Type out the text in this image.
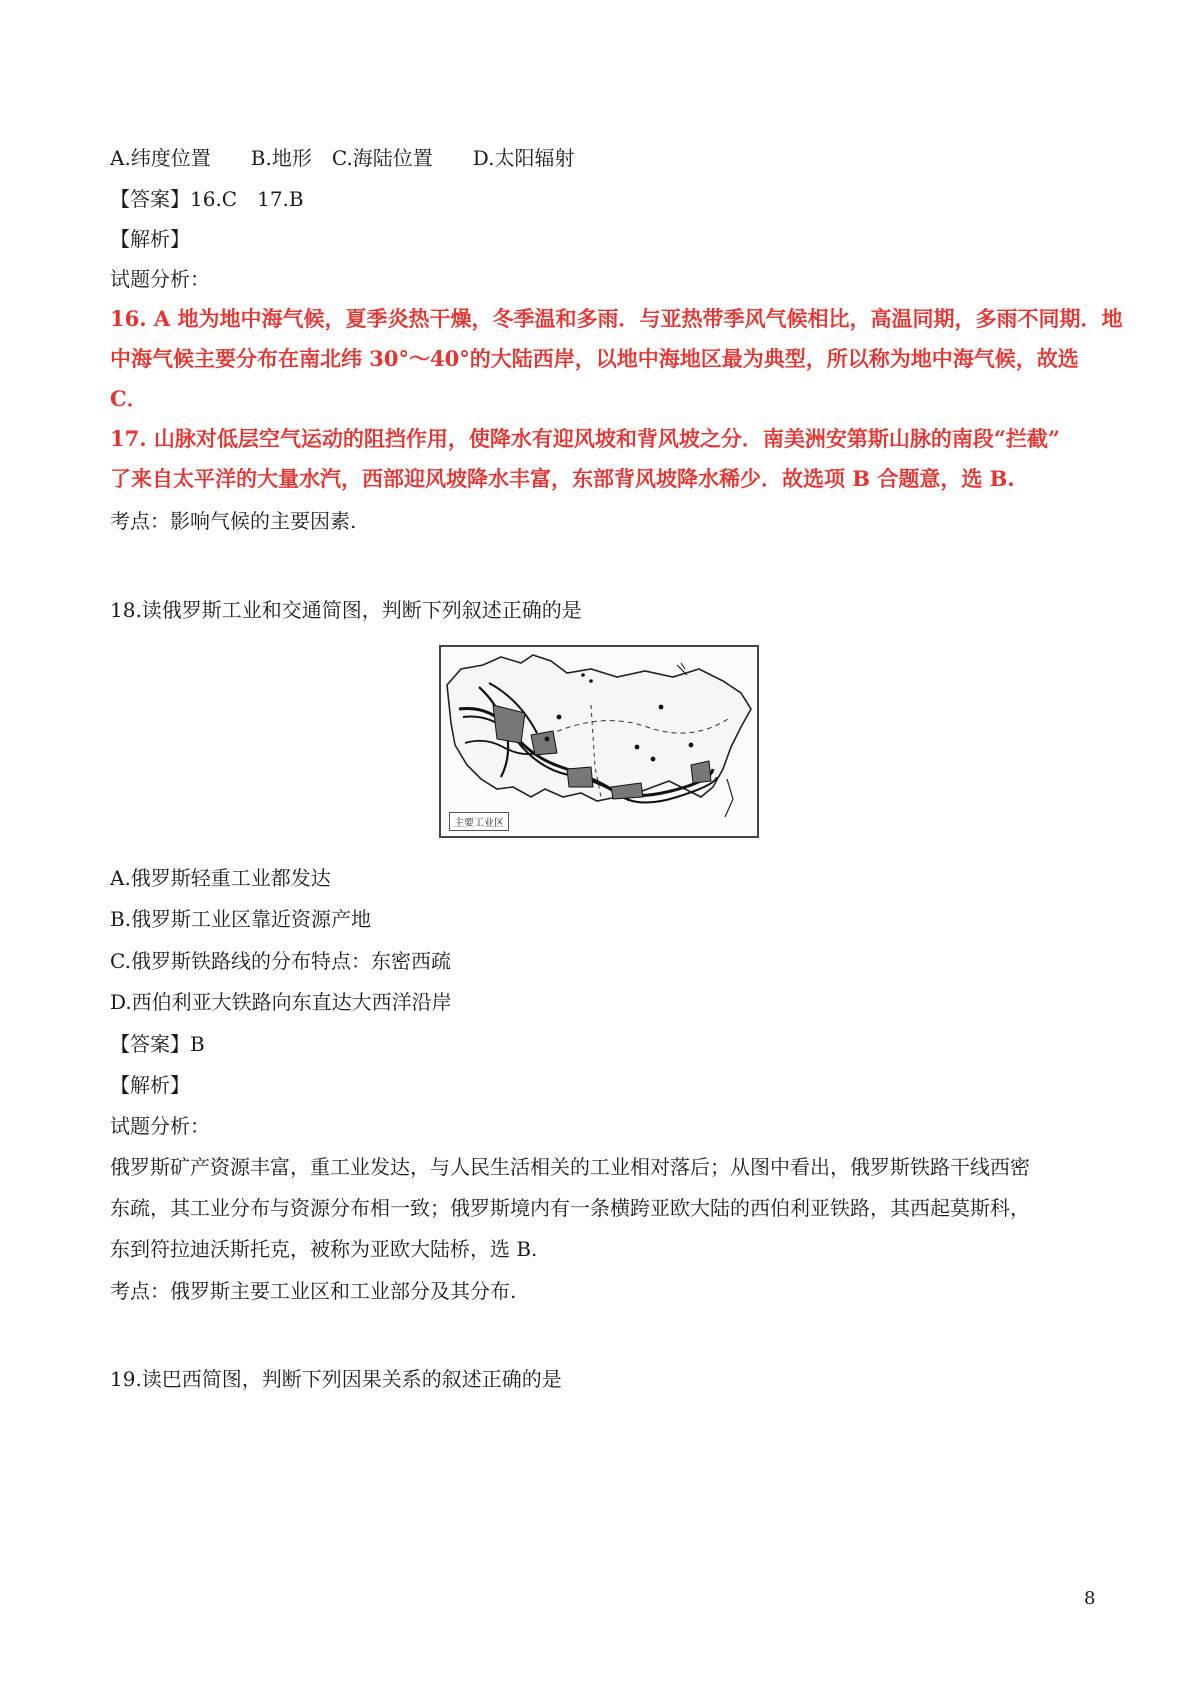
A.纬度位置　　B.地形　C.海陆位置　　D.太阳辐射
【答案】16.C　17.B
【解析】
试题分析：
16. A 地为地中海气候，夏季炎热干燥，冬季温和多雨．与亚热带季风气候相比，高温同期，多雨不同期．地
中海气候主要分布在南北纬 30°～40°的大陆西岸，以地中海地区最为典型，所以称为地中海气候，故选
C．
17. 山脉对低层空气运动的阻挡作用，使降水有迎风坡和背风坡之分．南美洲安第斯山脉的南段“拦截”
了来自太平洋的大量水汽，西部迎风坡降水丰富，东部背风坡降水稀少．故选项 B 合题意，选 B.
考点：影响气候的主要因素.
18.读俄罗斯工业和交通简图，判断下列叙述正确的是
主要工业区
A.俄罗斯轻重工业都发达
B.俄罗斯工业区靠近资源产地
C.俄罗斯铁路线的分布特点：东密西疏
D.西伯利亚大铁路向东直达大西洋沿岸
【答案】B
【解析】
试题分析：
俄罗斯矿产资源丰富，重工业发达，与人民生活相关的工业相对落后；从图中看出，俄罗斯铁路干线西密
东疏，其工业分布与资源分布相一致；俄罗斯境内有一条横跨亚欧大陆的西伯利亚铁路，其西起莫斯科，
东到符拉迪沃斯托克，被称为亚欧大陆桥，选 B.
考点：俄罗斯主要工业区和工业部分及其分布.
19.读巴西简图，判断下列因果关系的叙述正确的是
8
